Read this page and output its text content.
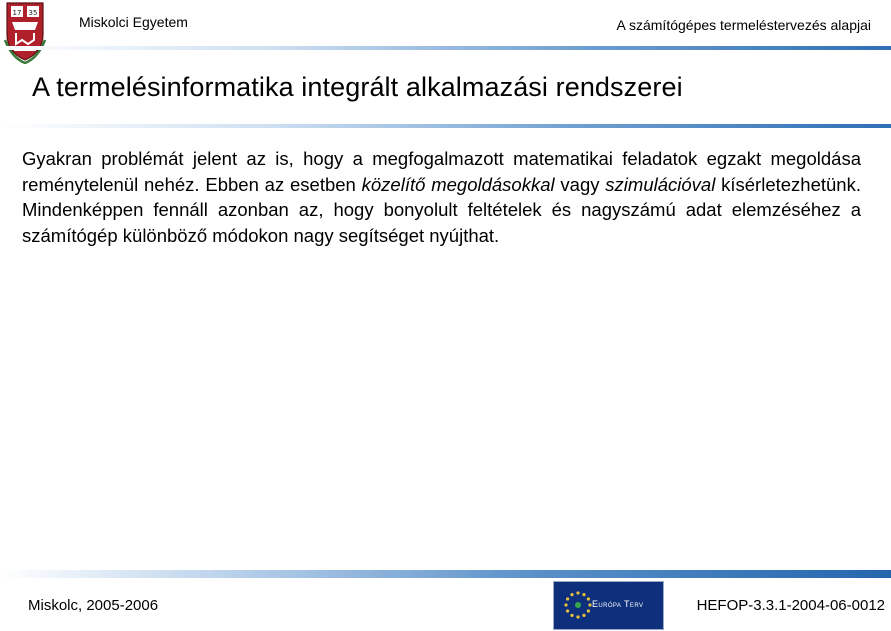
17 35
Miskolci Egyetem	A számítógépes termeléstervezés alapjai
A termelésinformatika integrált alkalmazási rendszerei
Gyakran problémát jelent az is, hogy a megfogalmazott matematikai feladatok egzakt megoldása reménytelenül nehéz. Ebben az esetben közelítő megoldásokkal vagy szimulációval kísérletezhetünk. Mindenképpen fennáll azonban az, hogy bonyolult feltételek és nagyszámú adat elemzéséhez a számítógép különböző módokon nagy segítséget nyújthat.
Miskolc, 2005-2006	Európa Terv	HEFOP-3.3.1-2004-06-0012
